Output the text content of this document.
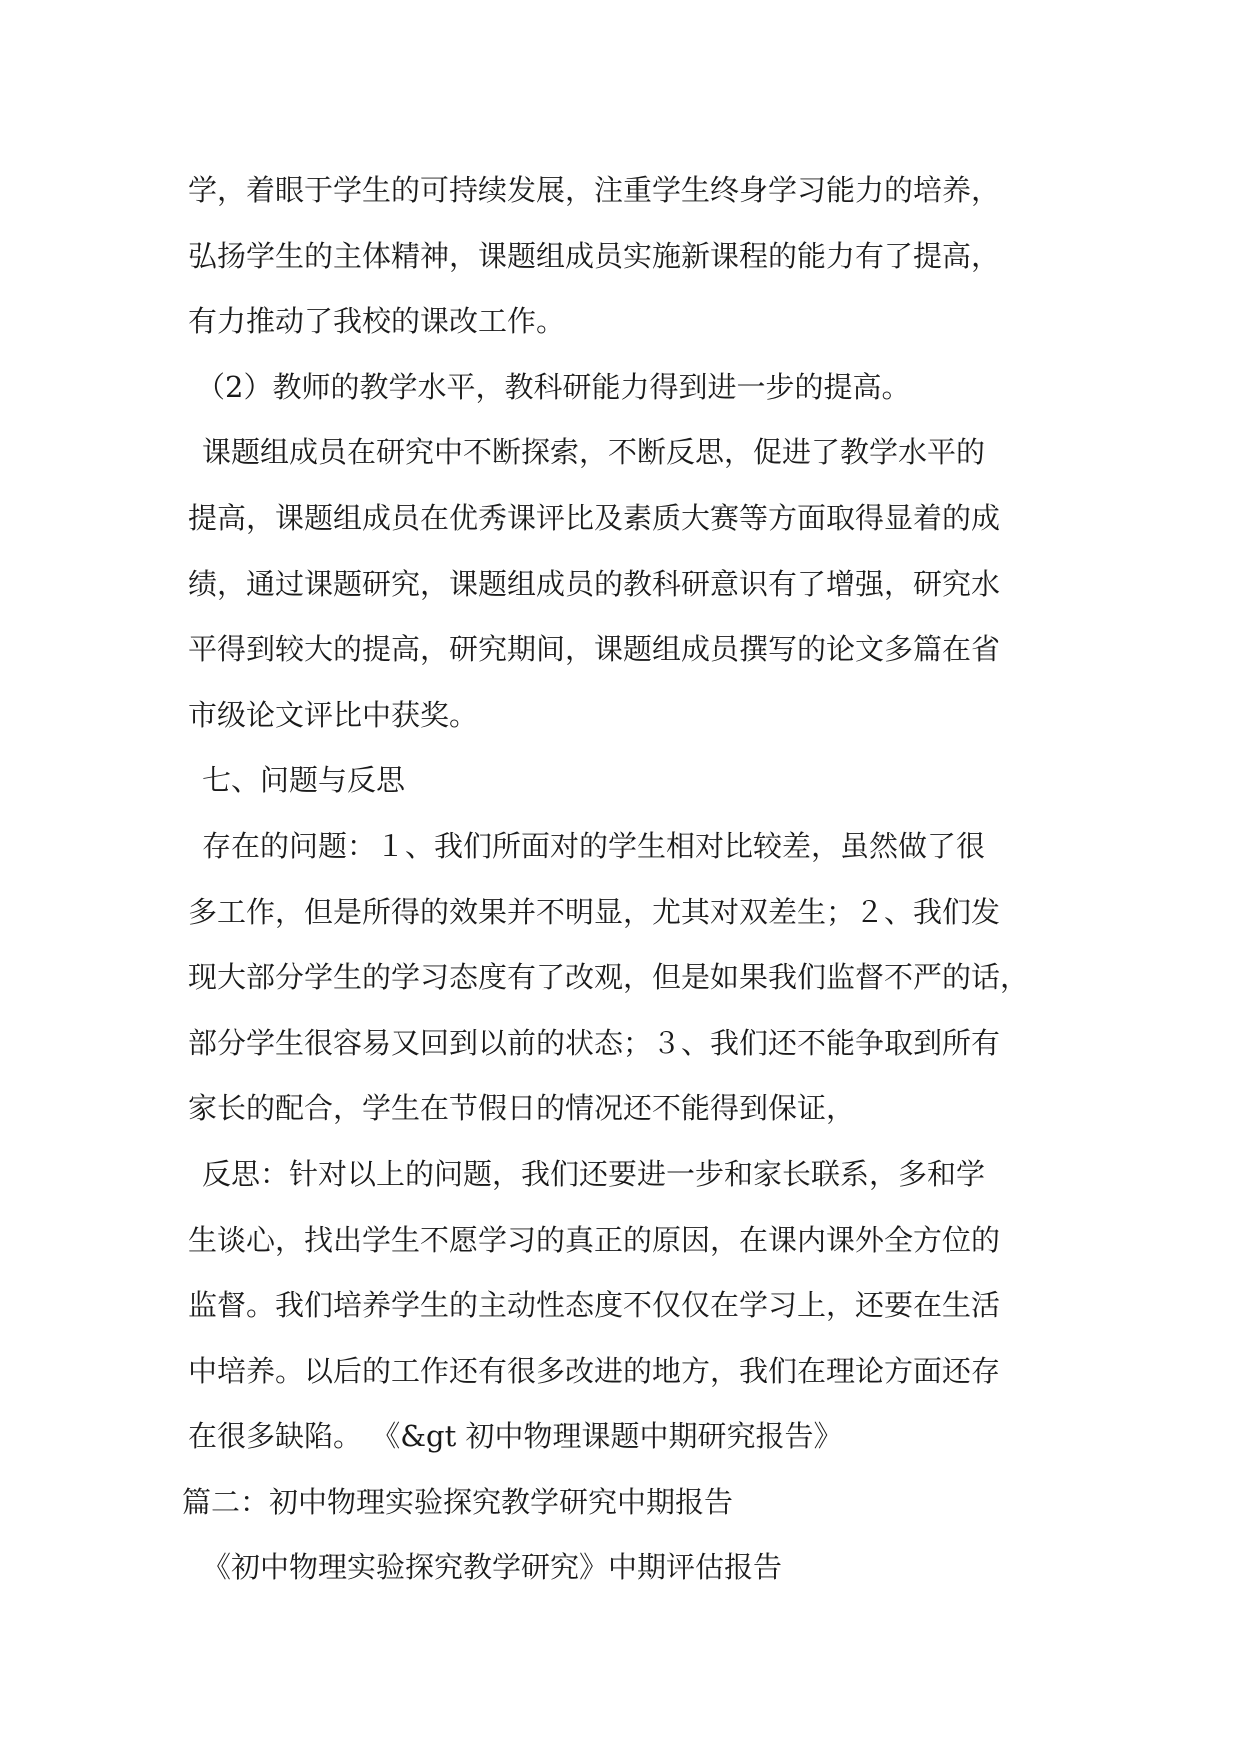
学，着眼于学生的可持续发展，注重学生终身学习能力的培养，
弘扬学生的主体精神，课题组成员实施新课程的能力有了提高，
有力推动了我校的课改工作。
（2）教师的教学水平，教科研能力得到进一步的提高。
课题组成员在研究中不断探索，不断反思，促进了教学水平的
提高，课题组成员在优秀课评比及素质大赛等方面取得显着的成
绩，通过课题研究，课题组成员的教科研意识有了增强，研究水
平得到较大的提高，研究期间，课题组成员撰写的论文多篇在省
市级论文评比中获奖。
七、问题与反思
存在的问题：１、我们所面对的学生相对比较差，虽然做了很
多工作，但是所得的效果并不明显，尤其对双差生；２、我们发
现大部分学生的学习态度有了改观，但是如果我们监督不严的话，
部分学生很容易又回到以前的状态；３、我们还不能争取到所有
家长的配合，学生在节假日的情况还不能得到保证，
反思：针对以上的问题，我们还要进一步和家长联系，多和学
生谈心，找出学生不愿学习的真正的原因，在课内课外全方位的
监督。我们培养学生的主动性态度不仅仅在学习上，还要在生活
中培养。以后的工作还有很多改进的地方，我们在理论方面还存
在很多缺陷。 《&gt 初中物理课题中期研究报告》
篇二：初中物理实验探究教学研究中期报告
《初中物理实验探究教学研究》中期评估报告
